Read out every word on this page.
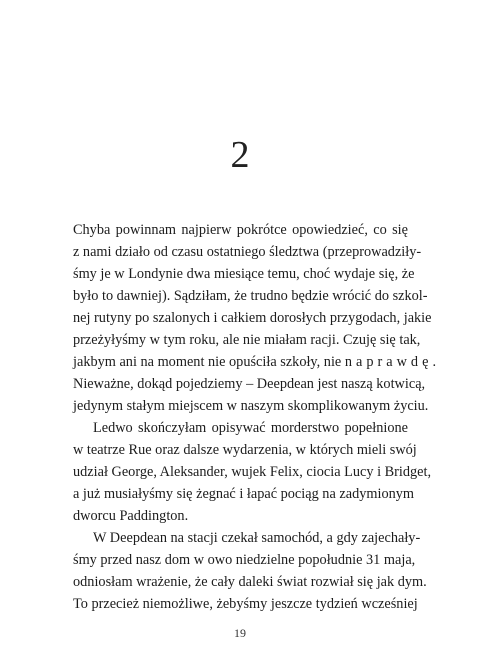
2
Chyba powinnam najpierw pokrótce opowiedzieć, co się
z nami działo od czasu ostatniego śledztwa (przeprowadziły-
śmy je w Londynie dwa miesiące temu, choć wydaje się, że
było to dawniej). Sądziłam, że trudno będzie wrócić do szkol-
nej rutyny po szalonych i całkiem dorosłych przygodach, jakie
przeżyłyśmy w tym roku, ale nie miałam racji. Czuję się tak,
jakbym ani na moment nie opuściła szkoły, nie naprawdę.
Nieważne, dokąd pojedziemy – Deepdean jest naszą kotwicą,
jedynym stałym miejscem w naszym skomplikowanym życiu.
Ledwo skończyłam opisywać morderstwo popełnione
w teatrze Rue oraz dalsze wydarzenia, w których mieli swój
udział George, Aleksander, wujek Felix, ciocia Lucy i Bridget,
a już musiałyśmy się żegnać i łapać pociąg na zadymionym
dworcu Paddington.
W Deepdean na stacji czekał samochód, a gdy zajechały-
śmy przed nasz dom w owo niedzielne popołudnie 31 maja,
odniosłam wrażenie, że cały daleki świat rozwiał się jak dym.
To przecież niemożliwe, żebyśmy jeszcze tydzień wcześniej
19
